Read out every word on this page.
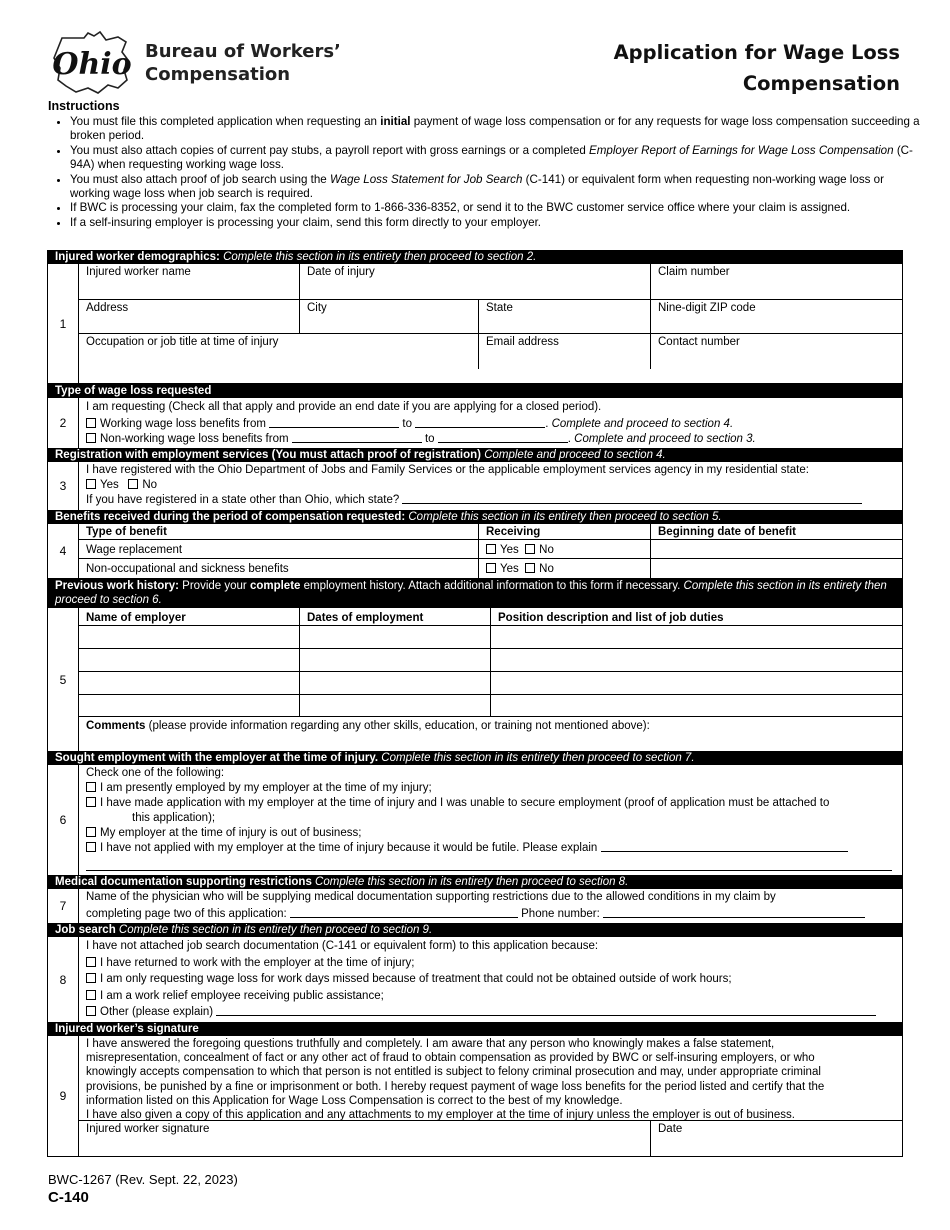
Ohio Bureau of Workers’
Compensation
Application for Wage Loss
Compensation
Instructions
• You must file this completed application when requesting an initial payment of wage loss compensation or for any requests for wage loss compensation succeeding a broken period.
• You must also attach copies of current pay stubs, a payroll report with gross earnings or a completed Employer Report of Earnings for Wage Loss Compensation (C-94A) when requesting working wage loss.
• You must also attach proof of job search using the Wage Loss Statement for Job Search (C-141) or equivalent form when requesting non-working wage loss or working wage loss when job search is required.
• If BWC is processing your claim, fax the completed form to 1-866-336-8352, or send it to the BWC customer service office where your claim is assigned.
• If a self-insuring employer is processing your claim, send this form directly to your employer.
Injured worker demographics: Complete this section in its entirety then proceed to section 2.
1
Injured worker name	Date of injury	Claim number
Address	City	State	Nine-digit ZIP code
Occupation or job title at time of injury	Email address	Contact number
Type of wage loss requested
2
I am requesting (Check all that apply and provide an end date if you are applying for a closed period).
Working wage loss benefits from	to	. Complete and proceed to section 4.
Non-working wage loss benefits from	to	. Complete and proceed to section 3.
Registration with employment services (You must attach proof of registration) Complete and proceed to section 4.
3
I have registered with the Ohio Department of Jobs and Family Services or the applicable employment services agency in my residential state:
Yes No
If you have registered in a state other than Ohio, which state?
Benefits received during the period of compensation requested: Complete this section in its entirety then proceed to section 5.
4
Type of benefit	Receiving	Beginning date of benefit
Wage replacement	Yes No
Non-occupational and sickness benefits	Yes No
Previous work history: Provide your complete employment history. Attach additional information to this form if necessary. Complete this section in its entirety then proceed to section 6.
5
Name of employer	Dates of employment	Position description and list of job duties
Comments (please provide information regarding any other skills, education, or training not mentioned above):
Sought employment with the employer at the time of injury. Complete this section in its entirety then proceed to section 7.
6
Check one of the following:
I am presently employed by my employer at the time of my injury;
I have made application with my employer at the time of injury and I was unable to secure employment (proof of application must be attached to
this application);
My employer at the time of injury is out of business;
I have not applied with my employer at the time of injury because it would be futile. Please explain
Medical documentation supporting restrictions Complete this section in its entirety then proceed to section 8.
7
Name of the physician who will be supplying medical documentation supporting restrictions due to the allowed conditions in my claim by
completing page two of this application:	Phone number:
Job search Complete this section in its entirety then proceed to section 9.
8
I have not attached job search documentation (C-141 or equivalent form) to this application because:
I have returned to work with the employer at the time of injury;
I am only requesting wage loss for work days missed because of treatment that could not be obtained outside of work hours;
I am a work relief employee receiving public assistance;
Other (please explain)
Injured worker’s signature
9
I have answered the foregoing questions truthfully and completely. I am aware that any person who knowingly makes a false statement,
misrepresentation, concealment of fact or any other act of fraud to obtain compensation as provided by BWC or self-insuring employers, or who
knowingly accepts compensation to which that person is not entitled is subject to felony criminal prosecution and may, under appropriate criminal
provisions, be punished by a fine or imprisonment or both. I hereby request payment of wage loss benefits for the period listed and certify that the
information listed on this Application for Wage Loss Compensation is correct to the best of my knowledge.
I have also given a copy of this application and any attachments to my employer at the time of injury unless the employer is out of business.
Injured worker signature	Date
BWC-1267 (Rev. Sept. 22, 2023)
C-140
